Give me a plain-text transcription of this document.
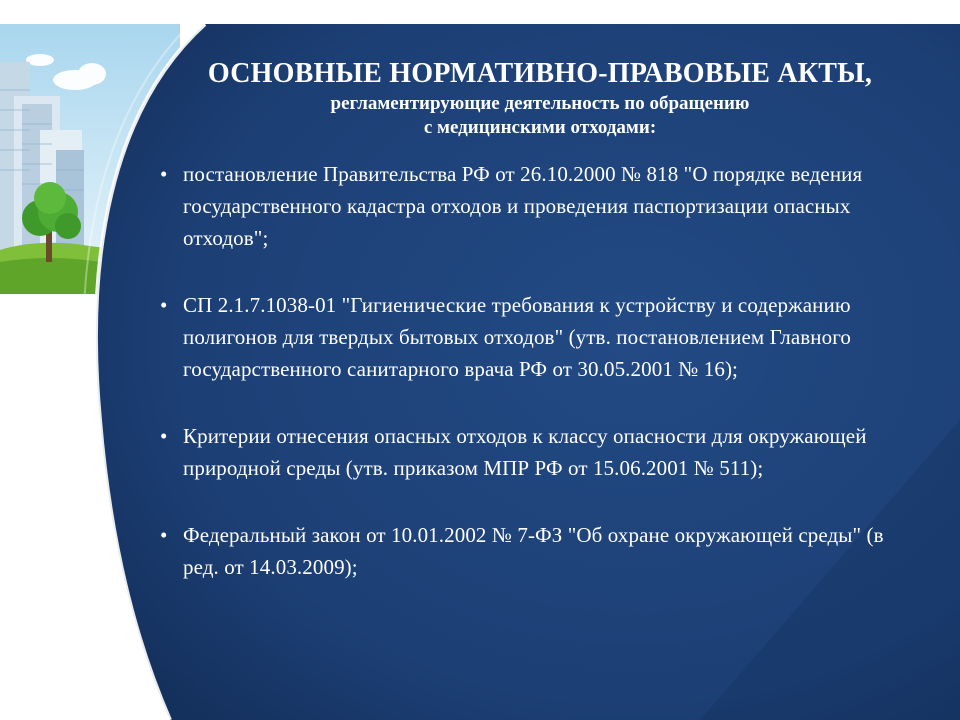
ОСНОВНЫЕ НОРМАТИВНО-ПРАВОВЫЕ АКТЫ,
регламентирующие деятельность по обращению
с медицинскими отходами:
• постановление Правительства РФ от 26.10.2000 № 818 "О порядке ведения государственного кадастра отходов и проведения паспортизации опасных отходов";
• СП 2.1.7.1038-01 "Гигиенические требования к устройству и содержанию полигонов для твердых бытовых отходов" (утв. постановлением Главного государственного санитарного врача РФ от 30.05.2001 № 16);
• Критерии отнесения опасных отходов к классу опасности для окружающей природной среды (утв. приказом МПР РФ от 15.06.2001 № 511);
• Федеральный закон от 10.01.2002 № 7-ФЗ "Об охране окружающей среды" (в ред. от 14.03.2009);
